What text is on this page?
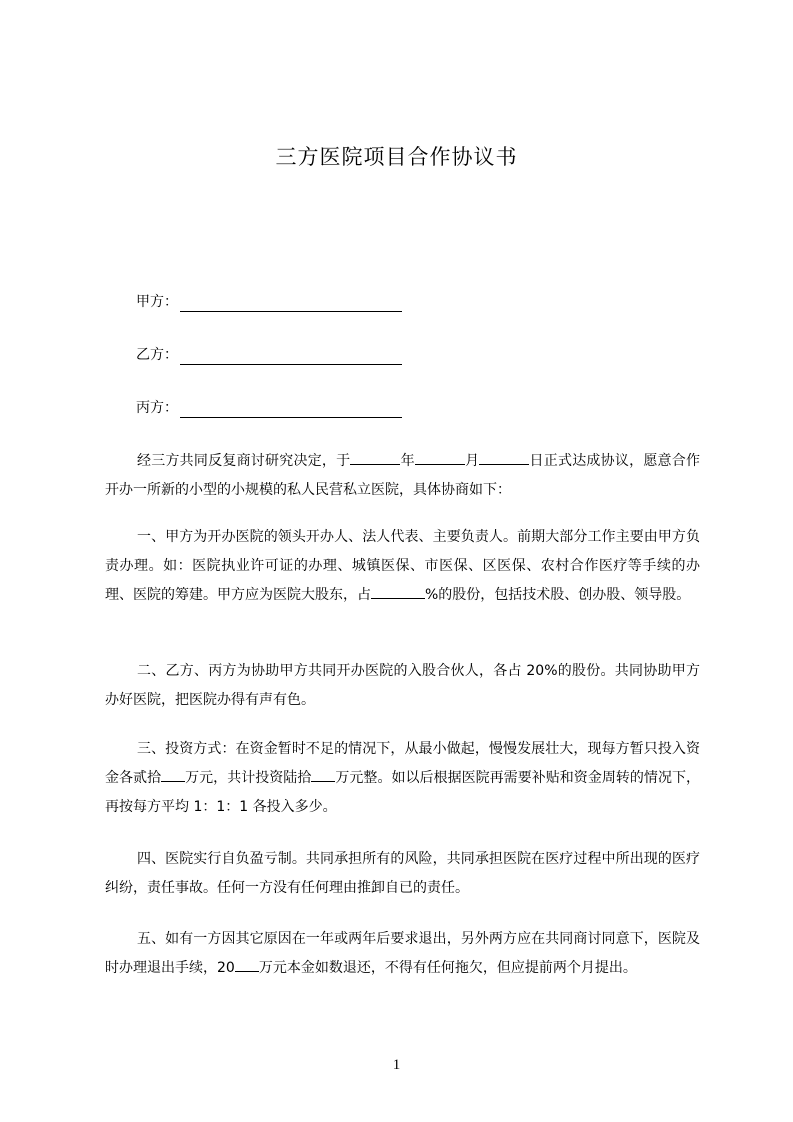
三方医院项目合作协议书
甲方：
乙方：
丙方：

经三方共同反复商讨研究决定，于	年	月	日正式达成协议，愿意合作开办一所新的小型的小规模的私人民营私立医院，具体协商如下：

一、甲方为开办医院的领头开办人、法人代表、主要负责人。前期大部分工作主要由甲方负责办理。如：医院执业许可证的办理、城镇医保、市医保、区医保、农村合作医疗等手续的办理、医院的筹建。甲方应为医院大股东，占	%的股份，包括技术股、创办股、领导股。

二、乙方、丙方为协助甲方共同开办医院的入股合伙人，各占 20%的股份。共同协助甲方办好医院，把医院办得有声有色。

三、投资方式：在资金暂时不足的情况下，从最小做起，慢慢发展壮大，现每方暂只投入资金各贰拾 万元，共计投资陆拾 万元整。如以后根据医院再需要补贴和资金周转的情况下，再按每方平均 1：1：1 各投入多少。

四、医院实行自负盈亏制。共同承担所有的风险，共同承担医院在医疗过程中所出现的医疗纠纷，责任事故。任何一方没有任何理由推卸自已的责任。

五、如有一方因其它原因在一年或两年后要求退出，另外两方应在共同商讨同意下，医院及时办理退出手续，20 万元本金如数退还，不得有任何拖欠，但应提前两个月提出。

1
